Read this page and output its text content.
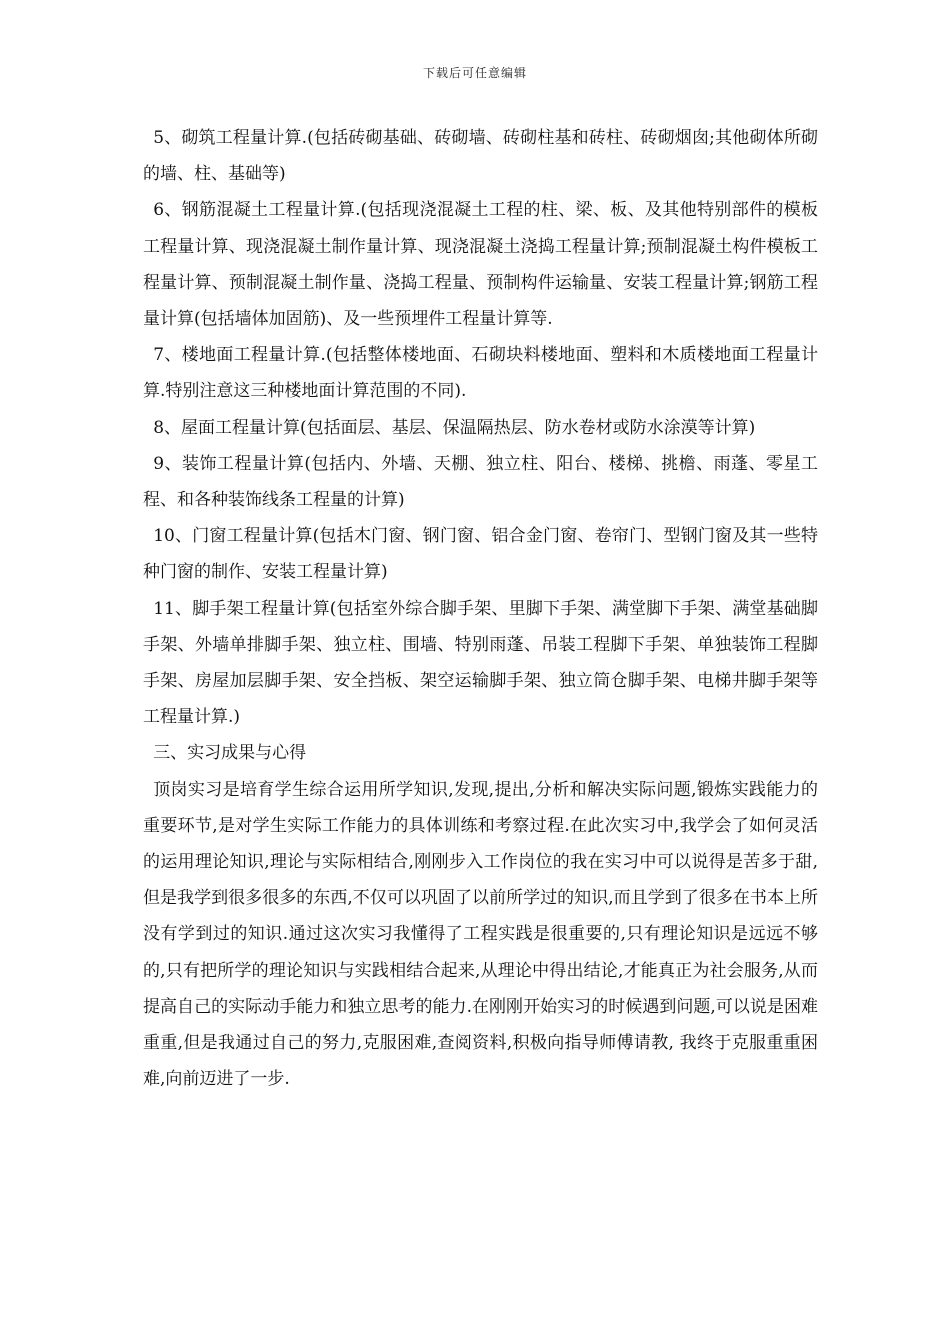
下载后可任意编辑

5、砌筑工程量计算.(包括砖砌基础、砖砌墙、砖砌柱基和砖柱、砖砌烟囱;其他砌体所砌的墙、柱、基础等)

6、钢筋混凝土工程量计算.(包括现浇混凝土工程的柱、梁、板、及其他特别部件的模板工程量计算、现浇混凝土制作量计算、现浇混凝土浇捣工程量计算;预制混凝土构件模板工程量计算、预制混凝土制作量、浇捣工程量、预制构件运输量、安装工程量计算;钢筋工程量计算(包括墙体加固筋)、及一些预埋件工程量计算等.

7、楼地面工程量计算.(包括整体楼地面、石砌块料楼地面、塑料和木质楼地面工程量计算.特别注意这三种楼地面计算范围的不同).

8、屋面工程量计算(包括面层、基层、保温隔热层、防水卷材或防水涂漠等计算)

9、装饰工程量计算(包括内、外墙、天棚、独立柱、阳台、楼梯、挑檐、雨蓬、零星工程、和各种装饰线条工程量的计算)

10、门窗工程量计算(包括木门窗、钢门窗、铝合金门窗、卷帘门、型钢门窗及其一些特种门窗的制作、安装工程量计算)

11、脚手架工程量计算(包括室外综合脚手架、里脚下手架、满堂脚下手架、满堂基础脚手架、外墙单排脚手架、独立柱、围墙、特别雨蓬、吊装工程脚下手架、单独装饰工程脚手架、房屋加层脚手架、安全挡板、架空运输脚手架、独立筒仓脚手架、电梯井脚手架等工程量计算.)

三、实习成果与心得

顶岗实习是培育学生综合运用所学知识,发现,提出,分析和解决实际问题,锻炼实践能力的重要环节,是对学生实际工作能力的具体训练和考察过程.在此次实习中,我学会了如何灵活的运用理论知识,理论与实际相结合,刚刚步入工作岗位的我在实习中可以说得是苦多于甜,但是我学到很多很多的东西,不仅可以巩固了以前所学过的知识,而且学到了很多在书本上所没有学到过的知识.通过这次实习我懂得了工程实践是很重要的,只有理论知识是远远不够的,只有把所学的理论知识与实践相结合起来,从理论中得出结论,才能真正为社会服务,从而提高自己的实际动手能力和独立思考的能力.在刚刚开始实习的时候遇到问题,可以说是困难重重,但是我通过自己的努力,克服困难,查阅资料,积极向指导师傅请教, 我终于克服重重困难,向前迈进了一步.
